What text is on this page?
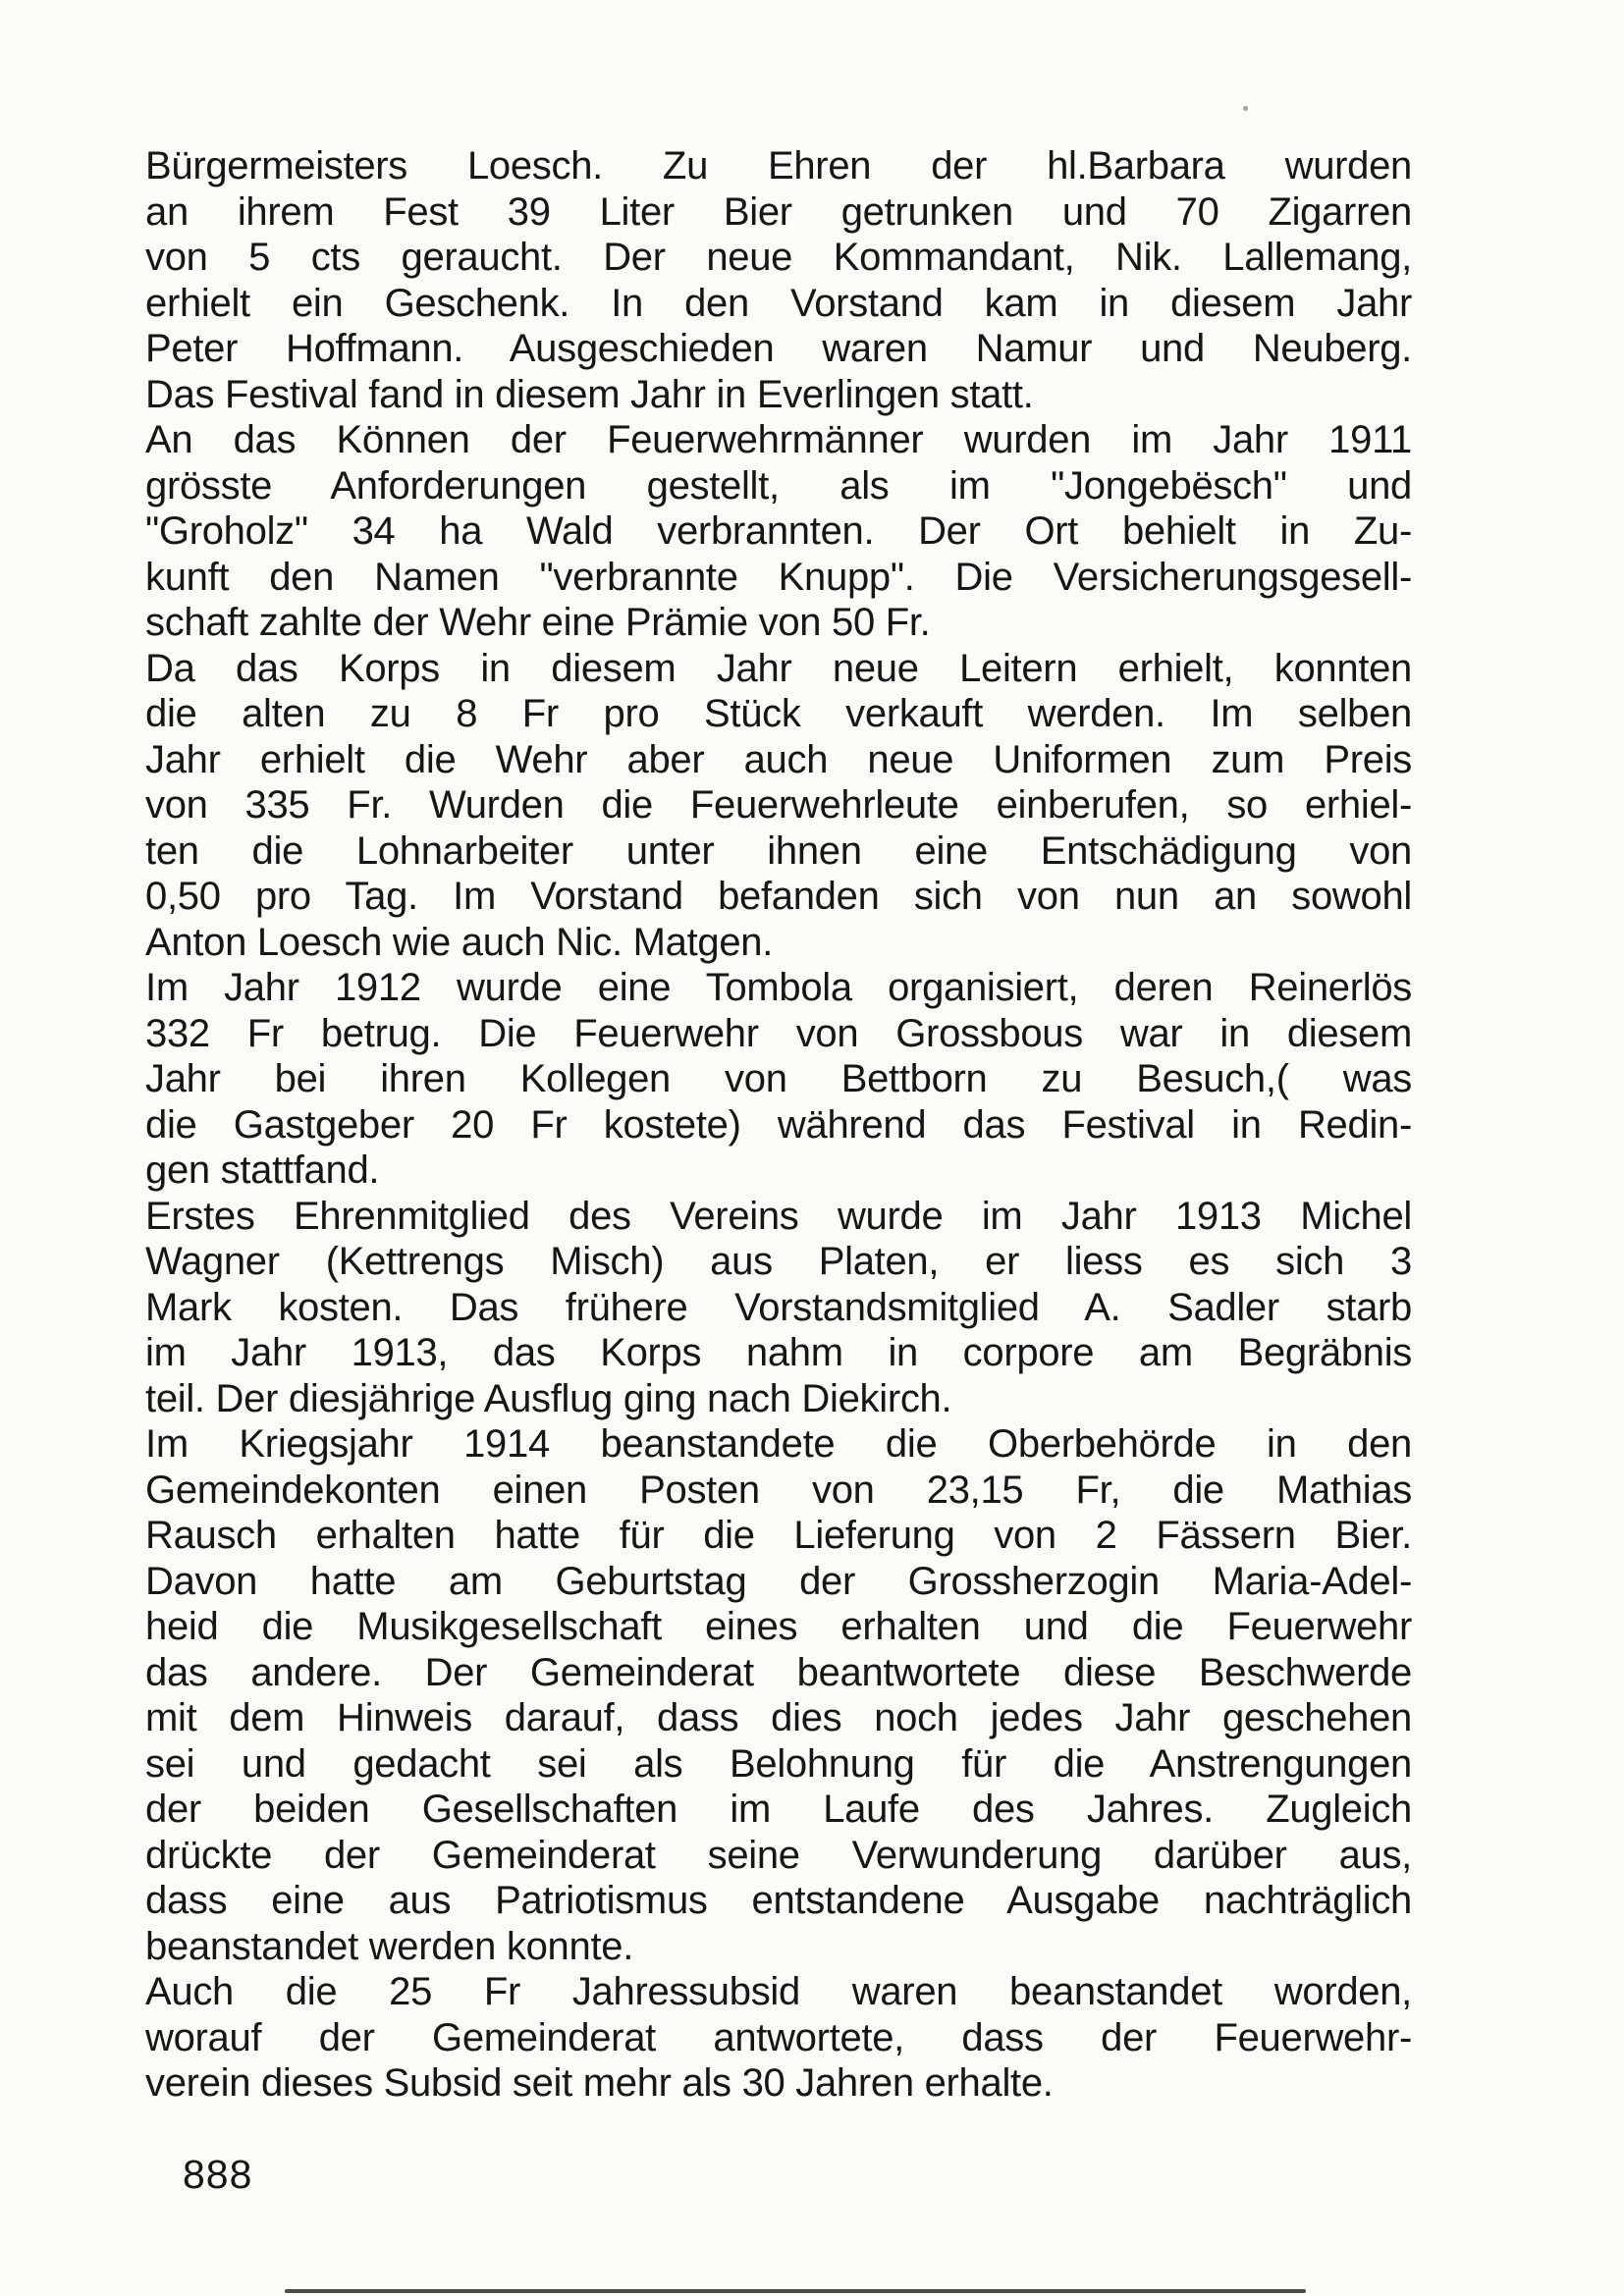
Bürgermeisters Loesch. Zu Ehren der hl.Barbara wurden
an ihrem Fest 39 Liter Bier getrunken und 70 Zigarren
von 5 cts geraucht. Der neue Kommandant, Nik. Lallemang,
erhielt ein Geschenk. In den Vorstand kam in diesem Jahr
Peter Hoffmann. Ausgeschieden waren Namur und Neuberg.
Das Festival fand in diesem Jahr in Everlingen statt.
An das Können der Feuerwehrmänner wurden im Jahr 1911
grösste Anforderungen gestellt, als im "Jongebësch" und
"Groholz" 34 ha Wald verbrannten. Der Ort behielt in Zu-
kunft den Namen "verbrannte Knupp". Die Versicherungsgesell-
schaft zahlte der Wehr eine Prämie von 50 Fr.
Da das Korps in diesem Jahr neue Leitern erhielt, konnten
die alten zu 8 Fr pro Stück verkauft werden. Im selben
Jahr erhielt die Wehr aber auch neue Uniformen zum Preis
von 335 Fr. Wurden die Feuerwehrleute einberufen, so erhiel-
ten die Lohnarbeiter unter ihnen eine Entschädigung von
0,50 pro Tag. Im Vorstand befanden sich von nun an sowohl
Anton Loesch wie auch Nic. Matgen.
Im Jahr 1912 wurde eine Tombola organisiert, deren Reinerlös
332 Fr betrug. Die Feuerwehr von Grossbous war in diesem
Jahr bei ihren Kollegen von Bettborn zu Besuch,( was
die Gastgeber 20 Fr kostete) während das Festival in Redin-
gen stattfand.
Erstes Ehrenmitglied des Vereins wurde im Jahr 1913 Michel
Wagner (Kettrengs Misch) aus Platen, er liess es sich 3
Mark kosten. Das frühere Vorstandsmitglied A. Sadler starb
im Jahr 1913, das Korps nahm in corpore am Begräbnis
teil. Der diesjährige Ausflug ging nach Diekirch.
Im Kriegsjahr 1914 beanstandete die Oberbehörde in den
Gemeindekonten einen Posten von 23,15 Fr, die Mathias
Rausch erhalten hatte für die Lieferung von 2 Fässern Bier.
Davon hatte am Geburtstag der Grossherzogin Maria-Adel-
heid die Musikgesellschaft eines erhalten und die Feuerwehr
das andere. Der Gemeinderat beantwortete diese Beschwerde
mit dem Hinweis darauf, dass dies noch jedes Jahr geschehen
sei und gedacht sei als Belohnung für die Anstrengungen
der beiden Gesellschaften im Laufe des Jahres. Zugleich
drückte der Gemeinderat seine Verwunderung darüber aus,
dass eine aus Patriotismus entstandene Ausgabe nachträglich
beanstandet werden konnte.
Auch die 25 Fr Jahressubsid waren beanstandet worden,
worauf der Gemeinderat antwortete, dass der Feuerwehr-
verein dieses Subsid seit mehr als 30 Jahren erhalte.
888
